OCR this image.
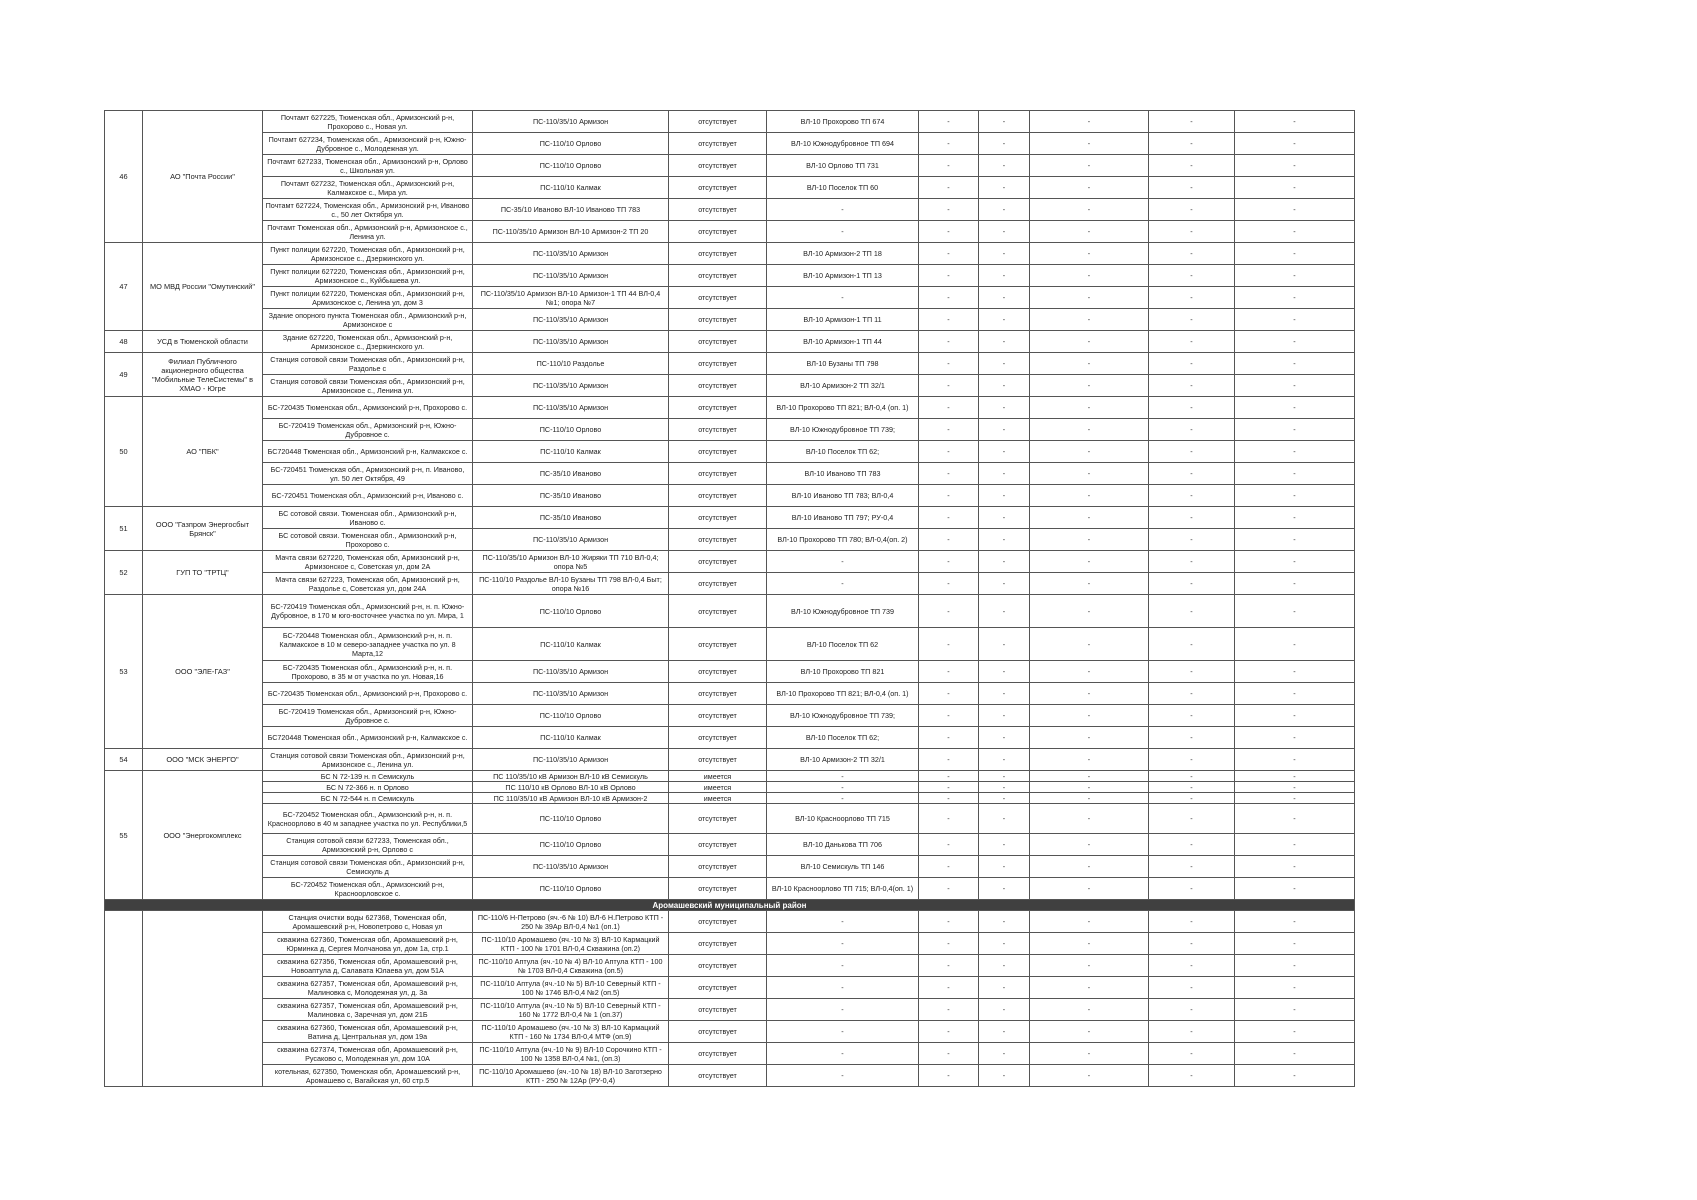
46	АО "Почта России"	Почтамт 627225, Тюменская обл., Армизонский р-н, Прохорово с., Новая ул.	ПС-110/35/10 Армизон	отсутствует	ВЛ-10 Прохорово ТП 674	-	-	-	-	-
		Почтамт 627234, Тюменская обл., Армизонский р-н, Южно-Дубровное с., Молодежная ул.	ПС-110/10 Орлово	отсутствует	ВЛ-10 Южнодубровное ТП 694	-	-	-	-	-
		Почтамт 627233, Тюменская обл., Армизонский р-н, Орлово с., Школьная ул.	ПС-110/10 Орлово	отсутствует	ВЛ-10 Орлово ТП 731	-	-	-	-	-
		Почтамт 627232, Тюменская обл., Армизонский р-н, Калмакское с., Мира ул.	ПС-110/10 Калмак	отсутствует	ВЛ-10 Поселок ТП 60	-	-	-	-	-
		Почтамт 627224, Тюменская обл., Армизонский р-н, Иваново с., 50 лет Октября ул.	ПС-35/10 Иваново ВЛ-10 Иваново ТП 783	отсутствует	-	-	-	-	-	-
		Почтамт Тюменская обл., Армизонский р-н, Армизонское с., Ленина ул.	ПС-110/35/10 Армизон ВЛ-10 Армизон-2 ТП 20	отсутствует	-	-	-	-	-	-
47	МО МВД России "Омутинский"	Пункт полиции 627220, Тюменская обл., Армизонский р-н, Армизонское с., Дзержинского ул.	ПС-110/35/10 Армизон	отсутствует	ВЛ-10 Армизон-2 ТП 18	-	-	-	-	-
		Пункт полиции 627220, Тюменская обл., Армизонский р-н, Армизонское с., Куйбышева ул.	ПС-110/35/10 Армизон	отсутствует	ВЛ-10 Армизон-1 ТП 13	-	-	-	-	-
		Пункт полиции 627220, Тюменская обл., Армизонский р-н, Армизонское с, Ленина ул, дом 3	ПС-110/35/10 Армизон ВЛ-10 Армизон-1 ТП 44 ВЛ-0,4 №1; опора №7	отсутствует	-	-	-	-	-	-
		Здание опорного пункта Тюменская обл., Армизонский р-н, Армизонское с	ПС-110/35/10 Армизон	отсутствует	ВЛ-10 Армизон-1 ТП 11	-	-	-	-	-
48	УСД в Тюменской области	Здание 627220, Тюменская обл., Армизонский р-н, Армизонское с., Дзержинского ул.	ПС-110/35/10 Армизон	отсутствует	ВЛ-10 Армизон-1 ТП 44	-	-	-	-	-
49	Филиал Публичного акционерного общества "Мобильные ТелеСистемы" в ХМАО - Югре	Станция сотовой связи Тюменская обл., Армизонский р-н, Раздолье с	ПС-110/10 Раздолье	отсутствует	ВЛ-10 Бузаны ТП 798	-	-	-	-	-
		Станция сотовой связи Тюменская обл., Армизонский р-н, Армизонское с., Ленина ул.	ПС-110/35/10 Армизон	отсутствует	ВЛ-10 Армизон-2 ТП 32/1	-	-	-	-	-
50	АО "ПБК"	БС-720435 Тюменская обл., Армизонский р-н, Прохорово с.	ПС-110/35/10 Армизон	отсутствует	ВЛ-10 Прохорово ТП 821; ВЛ-0,4 (оп. 1)	-	-	-	-	-
		БС-720419 Тюменская обл., Армизонский р-н, Южно-Дубровное с.	ПС-110/10 Орлово	отсутствует	ВЛ-10 Южнодубровное ТП 739;	-	-	-	-	-
		БС720448 Тюменская обл., Армизонский р-н, Калмакское с.	ПС-110/10 Калмак	отсутствует	ВЛ-10 Поселок ТП 62;	-	-	-	-	-
		БС-720451 Тюменская обл., Армизонский р-н, п. Иваново, ул. 50 лет Октября, 49	ПС-35/10 Иваново	отсутствует	ВЛ-10 Иваново ТП 783	-	-	-	-	-
		БС-720451 Тюменская обл., Армизонский р-н, Иваново с.	ПС-35/10 Иваново	отсутствует	ВЛ-10 Иваново ТП 783; ВЛ-0,4	-	-	-	-	-
51	ООО "Газпром Энергосбыт Брянск"	БС сотовой связи. Тюменская обл., Армизонский р-н, Иваново с.	ПС-35/10 Иваново	отсутствует	ВЛ-10 Иваново ТП 797; РУ-0,4	-	-	-	-	-
		БС сотовой связи. Тюменская обл., Армизонский р-н, Прохорово с.	ПС-110/35/10 Армизон	отсутствует	ВЛ-10 Прохорово ТП 780; ВЛ-0,4(оп. 2)	-	-	-	-	-
52	ГУП ТО "ТРТЦ"	Мачта связи 627220, Тюменская обл, Армизонский р-н, Армизонское с, Советская ул, дом 2А	ПС-110/35/10 Армизон ВЛ-10 Жиряки ТП 710 ВЛ-0,4; опора №5	отсутствует	-	-	-	-	-	-
		Мачта связи 627223, Тюменская обл, Армизонский р-н, Раздолье с, Советская ул, дом 24А	ПС-110/10 Раздолье ВЛ-10 Бузаны ТП 798 ВЛ-0,4 Быт; опора №16	отсутствует	-	-	-	-	-	-
53	ООО "ЭЛЕ-ГАЗ"	БС-720419 Тюменская обл., Армизонский р-н, н. п. Южно-Дубровное, в 170 м юго-восточнее участка по ул. Мира, 1	ПС-110/10 Орлово	отсутствует	ВЛ-10 Южнодубровное ТП 739	-	-	-	-	-
		БС-720448 Тюменская обл., Армизонский р-н, н. п. Калмакское в 10 м северо-западнее участка по ул. 8 Марта,12	ПС-110/10 Калмак	отсутствует	ВЛ-10 Поселок ТП 62	-	-	-	-	-
		БС-720435 Тюменская обл., Армизонский р-н, н. п. Прохорово, в 35 м от участка по ул. Новая,16	ПС-110/35/10 Армизон	отсутствует	ВЛ-10 Прохорово ТП 821	-	-	-	-	-
		БС-720435 Тюменская обл., Армизонский р-н, Прохорово с.	ПС-110/35/10 Армизон	отсутствует	ВЛ-10 Прохорово ТП 821; ВЛ-0,4 (оп. 1)	-	-	-	-	-
		БС-720419 Тюменская обл., Армизонский р-н, Южно-Дубровное с.	ПС-110/10 Орлово	отсутствует	ВЛ-10 Южнодубровное ТП 739;	-	-	-	-	-
		БС720448 Тюменская обл., Армизонский р-н, Калмакское с.	ПС-110/10 Калмак	отсутствует	ВЛ-10 Поселок ТП 62;	-	-	-	-	-
54	ООО "МСК ЭНЕРГО"	Станция сотовой связи Тюменская обл., Армизонский р-н, Армизонское с., Ленина ул.	ПС-110/35/10 Армизон	отсутствует	ВЛ-10 Армизон-2 ТП 32/1	-	-	-	-	-
55	ООО "Энергокомплекс	БС N 72-139 н. п Семискуль	ПС 110/35/10 кВ Армизон ВЛ-10 кВ Семискуль	имеется	-	-	-	-	-	-
		БС N 72-366 н. п Орлово	ПС 110/10 кВ Орлово ВЛ-10 кВ Орлово	имеется	-	-	-	-	-	-
		БС N 72-544 н. п Семискуль	ПС 110/35/10 кВ Армизон ВЛ-10 кВ Армизон-2	имеется	-	-	-	-	-	-
		БС-720452 Тюменская обл., Армизонский р-н, н. п. Красноорлово в 40 м западнее участка по ул. Республики,5	ПС-110/10 Орлово	отсутствует	ВЛ-10 Красноорлово ТП 715	-	-	-	-	-
		Станция сотовой связи 627233, Тюменская обл., Армизонский р-н, Орлово с	ПС-110/10 Орлово	отсутствует	ВЛ-10 Данькова ТП 706	-	-	-	-	-
		Станция сотовой связи Тюменская обл., Армизонский р-н, Семискуль д	ПС-110/35/10 Армизон	отсутствует	ВЛ-10 Семискуль ТП 146	-	-	-	-	-
		БС-720452 Тюменская обл., Армизонский р-н, Красноорловское с.	ПС-110/10 Орлово	отсутствует	ВЛ-10 Красноорлово ТП 715; ВЛ-0,4(оп. 1)	-	-	-	-	-
Аромашевский муниципальный район										
		Станция очистки воды 627368, Тюменская обл, Аромашевский р-н, Новопетрово с, Новая ул	ПС-110/6 Н-Петрово (яч.-6 № 10) ВЛ-6 Н.Петрово КТП - 250 № 39Ар ВЛ-0,4 №1 (оп.1)	отсутствует	-	-	-	-	-	-
		скважина 627360, Тюменская обл, Аромашевский р-н, Юрминка д, Сергея Молчанова ул, дом 1а, стр.1	ПС-110/10 Аромашево (яч.-10 № 3) ВЛ-10 Кармацкий КТП - 100 № 1701 ВЛ-0,4 Скважина (оп.2)	отсутствует	-	-	-	-	-	-
		скважина 627356, Тюменская обл, Аромашевский р-н, Новоаптула д, Салавата Юлаева ул, дом 51А	ПС-110/10 Аптула (яч.-10 № 4) ВЛ-10 Аптула КТП - 100 № 1703 ВЛ-0,4 Скважина (оп.5)	отсутствует	-	-	-	-	-	-
		скважина 627357, Тюменская обл, Аромашевский р-н, Малиновка с, Молодежная ул, д. 3а	ПС-110/10 Аптула (яч.-10 № 5) ВЛ-10 Северный КТП - 100 № 1746 ВЛ-0,4 №2 (оп.5)	отсутствует	-	-	-	-	-	-
		скважина 627357, Тюменская обл, Аромашевский р-н, Малиновка с, Заречная ул, дом 21Б	ПС-110/10 Аптула (яч.-10 № 5) ВЛ-10 Северный КТП - 160 № 1772 ВЛ-0,4 № 1 (оп.37)	отсутствует	-	-	-	-	-	-
		скважина 627360, Тюменская обл, Аромашевский р-н, Ватина д, Центральная ул, дом 19а	ПС-110/10 Аромашево (яч.-10 № 3) ВЛ-10 Кармацкий КТП - 160 № 1734 ВЛ-0,4 МТФ (оп.9)	отсутствует	-	-	-	-	-	-
		скважина 627374, Тюменская обл, Аромашевский р-н, Русаково с, Молодежная ул, дом 10А	ПС-110/10 Аптула (яч.-10 № 9) ВЛ-10 Сорочкино КТП - 100 № 1358 ВЛ-0,4 №1, (оп.3)	отсутствует	-	-	-	-	-	-
		котельная, 627350, Тюменская обл, Аромашевский р-н, Аромашево с, Вагайская ул, 60 стр.5	ПС-110/10 Аромашево (яч.-10 № 18) ВЛ-10 Заготзерно КТП - 250 № 12Ар (РУ-0,4)	отсутствует	-	-	-	-	-	-
